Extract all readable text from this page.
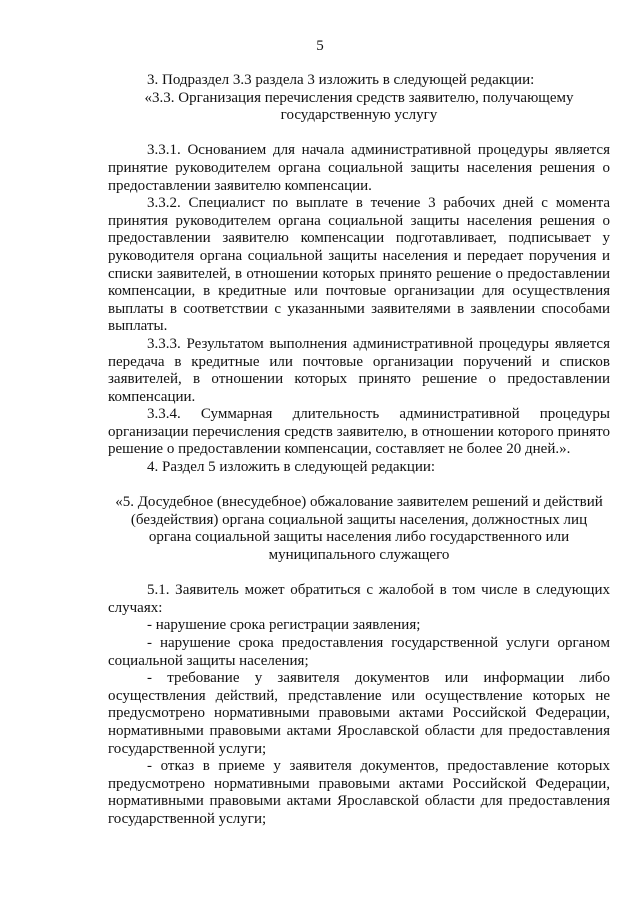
5

3. Подраздел 3.3 раздела 3 изложить в следующей редакции:

«3.3. Организация перечисления средств заявителю, получающему государственную услугу

3.3.1. Основанием для начала административной процедуры является принятие руководителем органа социальной защиты населения решения о предоставлении заявителю компенсации.

3.3.2. Специалист по выплате в течение 3 рабочих дней с момента принятия руководителем органа социальной защиты населения решения о предоставлении заявителю компенсации подготавливает, подписывает у руководителя органа социальной защиты населения и передает поручения и списки заявителей, в отношении которых принято решение о предоставлении компенсации, в кредитные или почтовые организации для осуществления выплаты в соответствии с указанными заявителями в заявлении способами выплаты.

3.3.3. Результатом выполнения административной процедуры является передача в кредитные или почтовые организации поручений и списков заявителей, в отношении которых принято решение о предоставлении компенсации.

3.3.4. Суммарная длительность административной процедуры организации перечисления средств заявителю, в отношении которого принято решение о предоставлении компенсации, составляет не более 20 дней.».

4. Раздел 5 изложить в следующей редакции:

«5. Досудебное (внесудебное) обжалование заявителем решений и действий (бездействия) органа социальной защиты населения, должностных лиц органа социальной защиты населения либо государственного или муниципального служащего

5.1. Заявитель может обратиться с жалобой в том числе в следующих случаях:

- нарушение срока регистрации заявления;

- нарушение срока предоставления государственной услуги органом социальной защиты населения;

- требование у заявителя документов или информации либо осуществления действий, представление или осуществление которых не предусмотрено нормативными правовыми актами Российской Федерации, нормативными правовыми актами Ярославской области для предоставления государственной услуги;

- отказ в приеме у заявителя документов, предоставление которых предусмотрено нормативными правовыми актами Российской Федерации, нормативными правовыми актами Ярославской области для предоставления государственной услуги;
